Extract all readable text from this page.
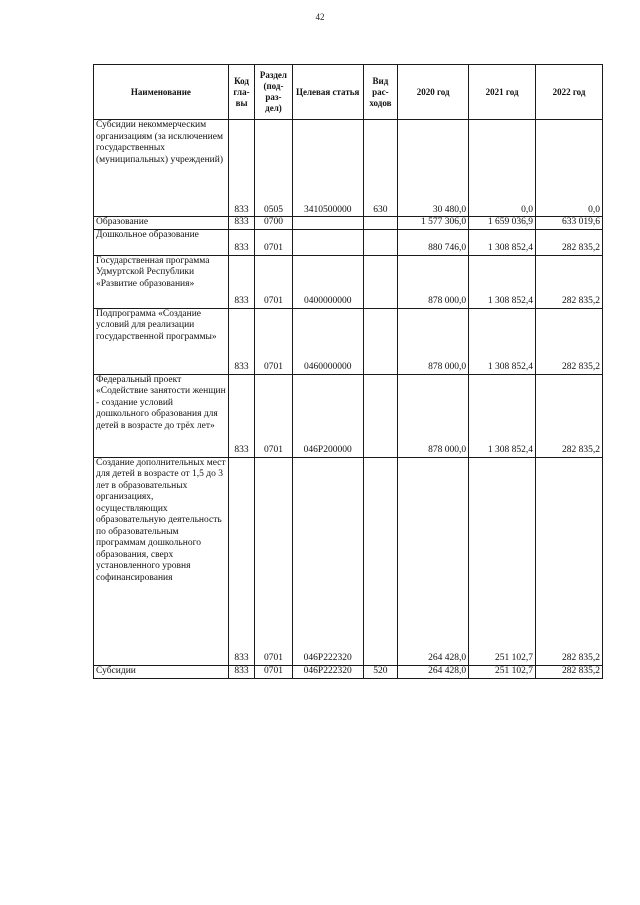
42
Наименование	Код гла- вы	Раздел (под- раз- дел)	Целевая статья	Вид рас- ходов	2020 год	2021 год	2022 год
Субсидии некоммерческим организациям (за исключением государственных (муниципальных) учреждений)	833	0505	3410500000	630	30 480,0	0,0	0,0
Образование	833	0700			1 577 306,0	1 659 036,9	633 019,6
Дошкольное образование	833	0701			880 746,0	1 308 852,4	282 835,2
Государственная программа Удмуртской Республики «Развитие образования»	833	0701	0400000000		878 000,0	1 308 852,4	282 835,2
Подпрограмма «Создание условий для реализации государственной программы»	833	0701	0460000000		878 000,0	1 308 852,4	282 835,2
Федеральный проект «Содействие занятости женщин - создание условий дошкольного образования для детей в возрасте до трёх лет»	833	0701	046P200000		878 000,0	1 308 852,4	282 835,2
Создание дополнительных мест для детей в возрасте от 1,5 до 3 лет в образовательных организациях, осуществляющих образовательную деятельность по образовательным программам дошкольного образования, сверх установленного уровня софинансирования	833	0701	046P222320		264 428,0	251 102,7	282 835,2
Субсидии	833	0701	046P222320	520	264 428,0	251 102,7	282 835,2
